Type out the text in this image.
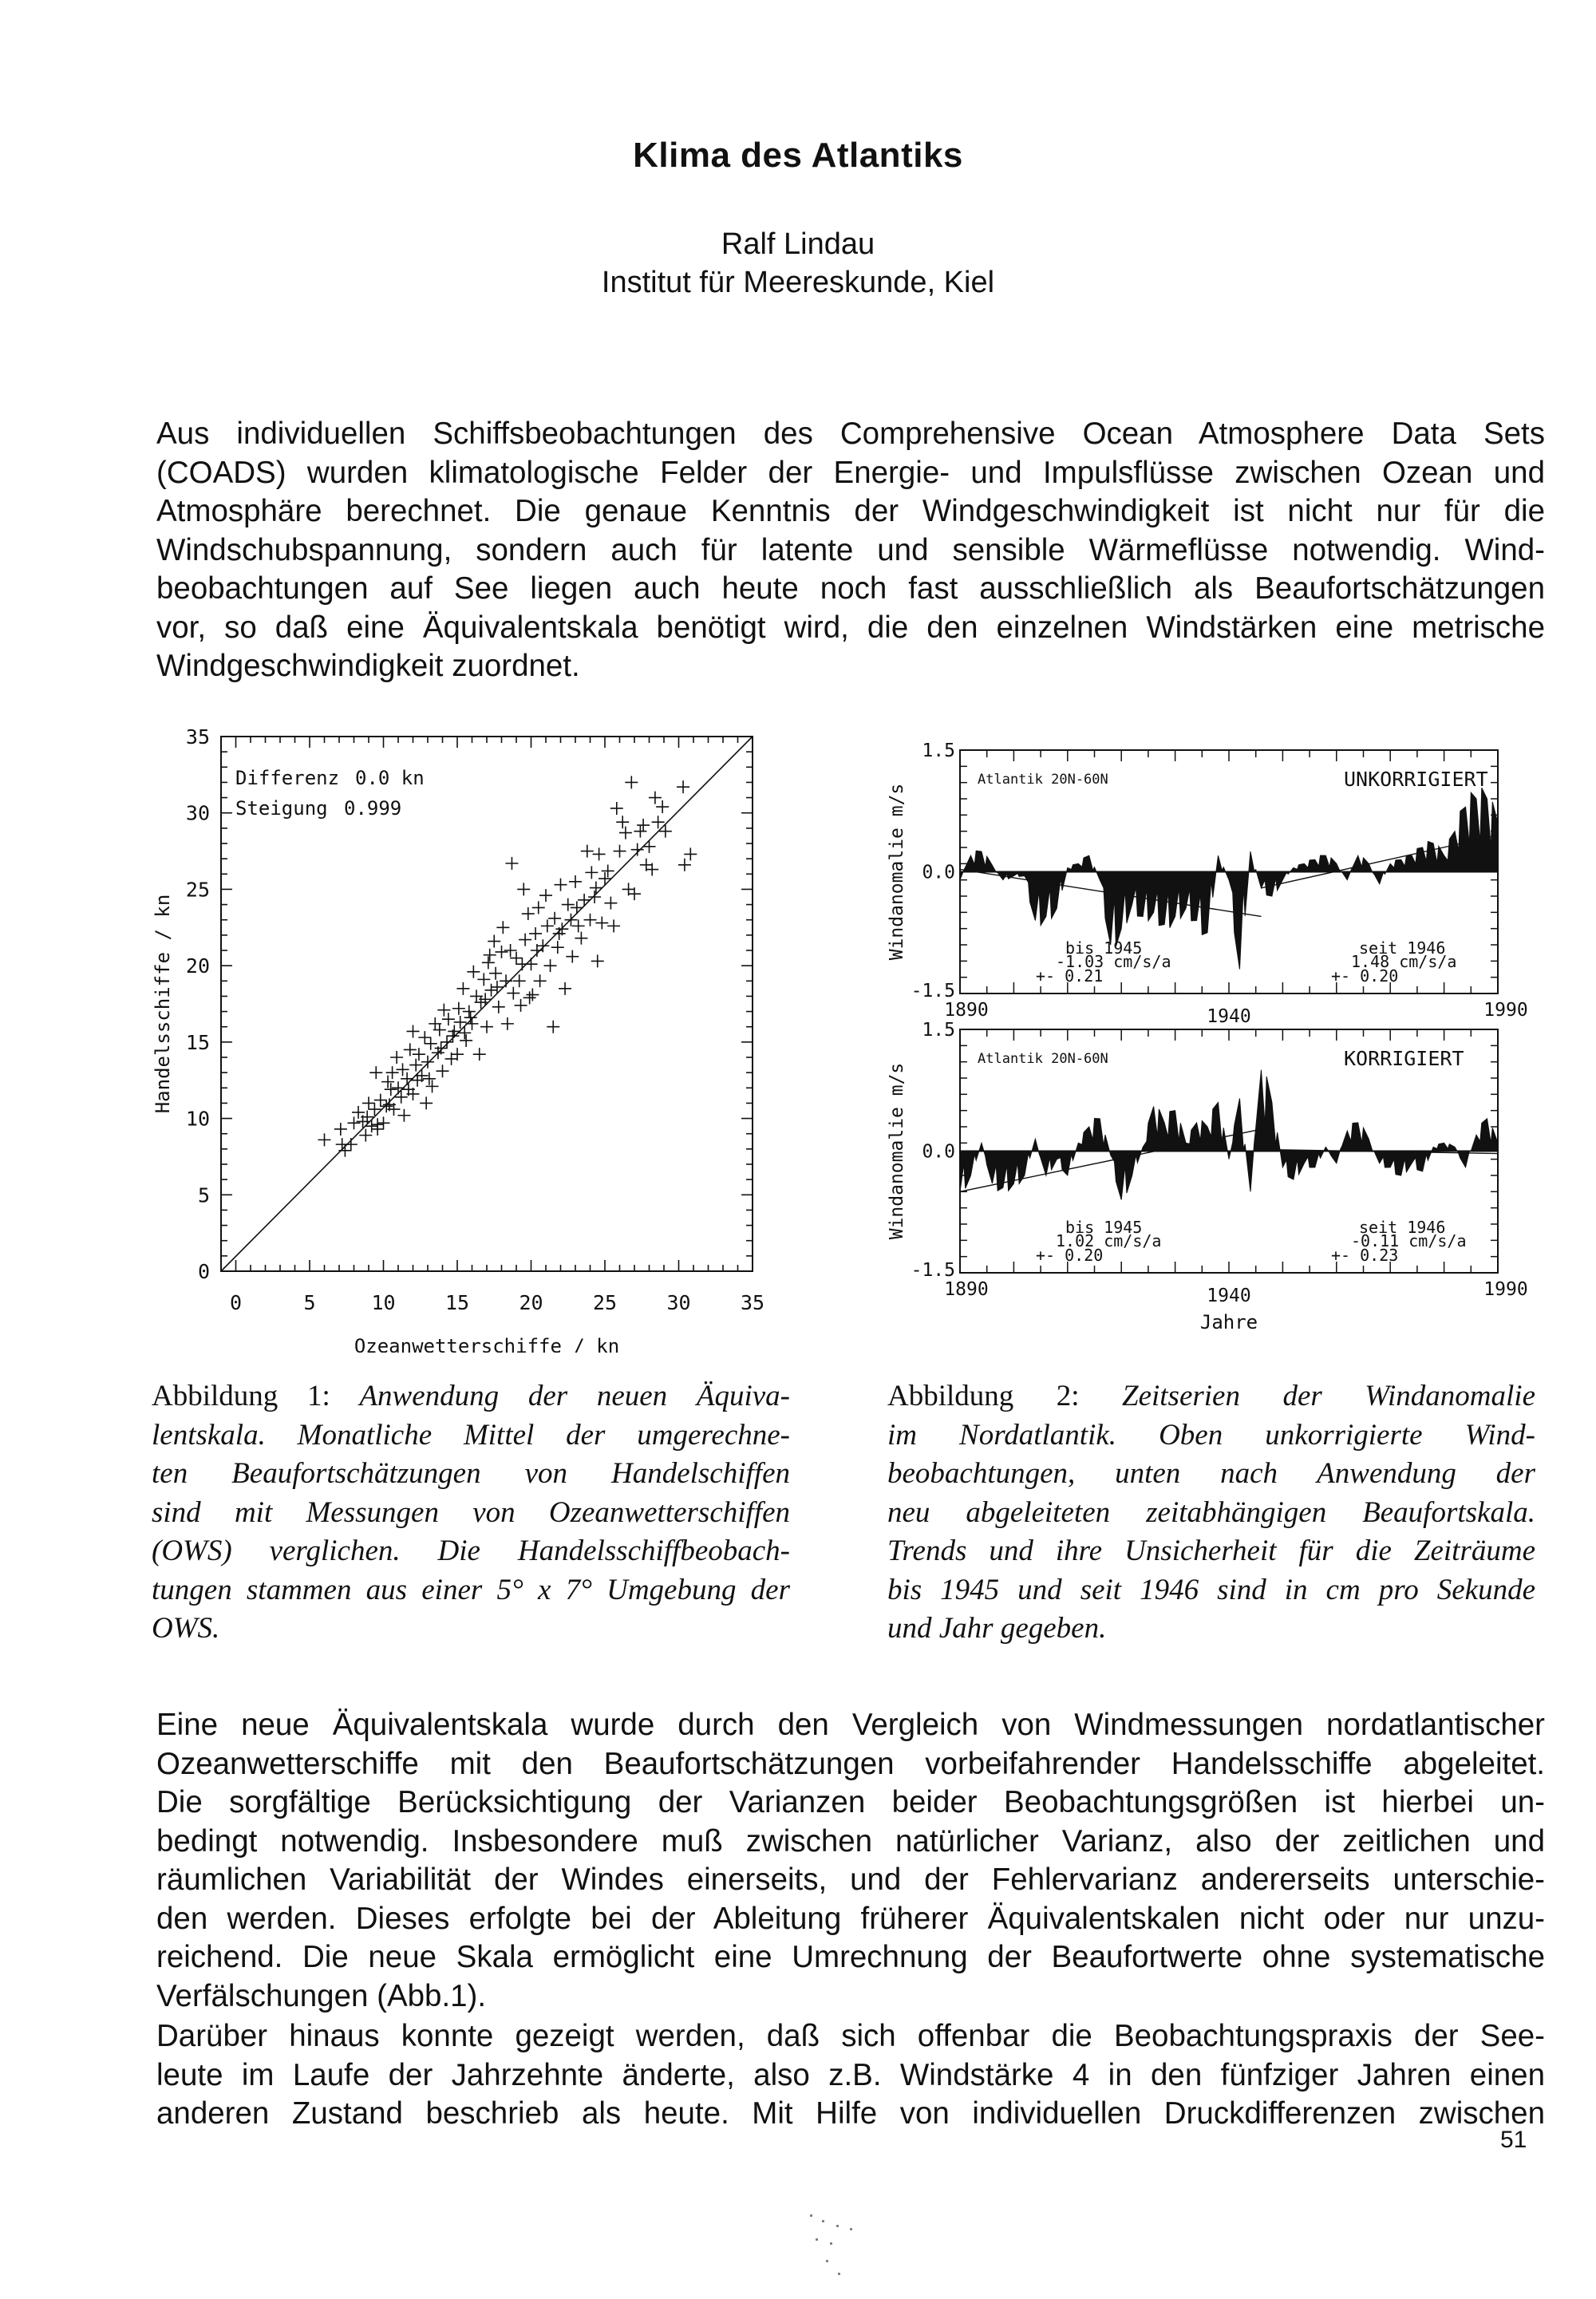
Klima des Atlantiks
Ralf Lindau
Institut für Meereskunde, Kiel
Aus individuellen Schiffsbeobachtungen des Comprehensive Ocean Atmosphere Data Sets
(COADS) wurden klimatologische Felder der Energie- und Impulsflüsse zwischen Ozean und
Atmosphäre berechnet. Die genaue Kenntnis der Windgeschwindigkeit ist nicht nur für die
Windschubspannung, sondern auch für latente und sensible Wärmeflüsse notwendig. Wind-
beobachtungen auf See liegen auch heute noch fast ausschließlich als Beaufortschätzungen
vor, so daß eine Äquivalentskala benötigt wird, die den einzelnen Windstärken eine metrische
Windgeschwindigkeit zuordnet.
0	5	10 15 20 25 30 35
0
5
10
15
20
25
30
35
Ozeanwetterschiffe / kn
Handelsschiffe / kn
Differenz 0.0 kn
Steigung 0.999
Atlantik 20N-60N	UNKORRIGIERT
bis 1945
-1.03 cm/s/a
+- 0.21
seit 1946
1.48 cm/s/a
+- 0.20
1.5
0.0
-1.5
1890	1940	1990
Windanomalie m/s
Atlantik 20N-60N	KORRIGIERT
bis 1945
1.02 cm/s/a
+- 0.20
seit 1946
-0.11 cm/s/a
+- 0.23
1.5
0.0
-1.5
1890	1940	1990
Windanomalie m/s
Jahre
Abbildung 1: Anwendung der neuen Äquiva-
lentskala. Monatliche Mittel der umgerechne-
ten Beaufortschätzungen von Handelschiffen
sind mit Messungen von Ozeanwetterschiffen
(OWS) verglichen. Die Handelsschiffbeobach-
tungen stammen aus einer 5° x 7° Umgebung der
OWS.
Abbildung 2: Zeitserien der Windanomalie
im Nordatlantik. Oben unkorrigierte Wind-
beobachtungen, unten nach Anwendung der
neu abgeleiteten zeitabhängigen Beaufortskala.
Trends und ihre Unsicherheit für die Zeiträume
bis 1945 und seit 1946 sind in cm pro Sekunde
und Jahr gegeben.
Eine neue Äquivalentskala wurde durch den Vergleich von Windmessungen nordatlantischer
Ozeanwetterschiffe mit den Beaufortschätzungen vorbeifahrender Handelsschiffe abgeleitet.
Die sorgfältige Berücksichtigung der Varianzen beider Beobachtungsgrößen ist hierbei un-
bedingt notwendig. Insbesondere muß zwischen natürlicher Varianz, also der zeitlichen und
räumlichen Variabilität der Windes einerseits, und der Fehlervarianz andererseits unterschie-
den werden. Dieses erfolgte bei der Ableitung früherer Äquivalentskalen nicht oder nur unzu-
reichend. Die neue Skala ermöglicht eine Umrechnung der Beaufortwerte ohne systematische
Verfälschungen (Abb.1).
Darüber hinaus konnte gezeigt werden, daß sich offenbar die Beobachtungspraxis der See-
leute im Laufe der Jahrzehnte änderte, also z.B. Windstärke 4 in den fünfziger Jahren einen
anderen Zustand beschrieb als heute. Mit Hilfe von individuellen Druckdifferenzen zwischen
51
